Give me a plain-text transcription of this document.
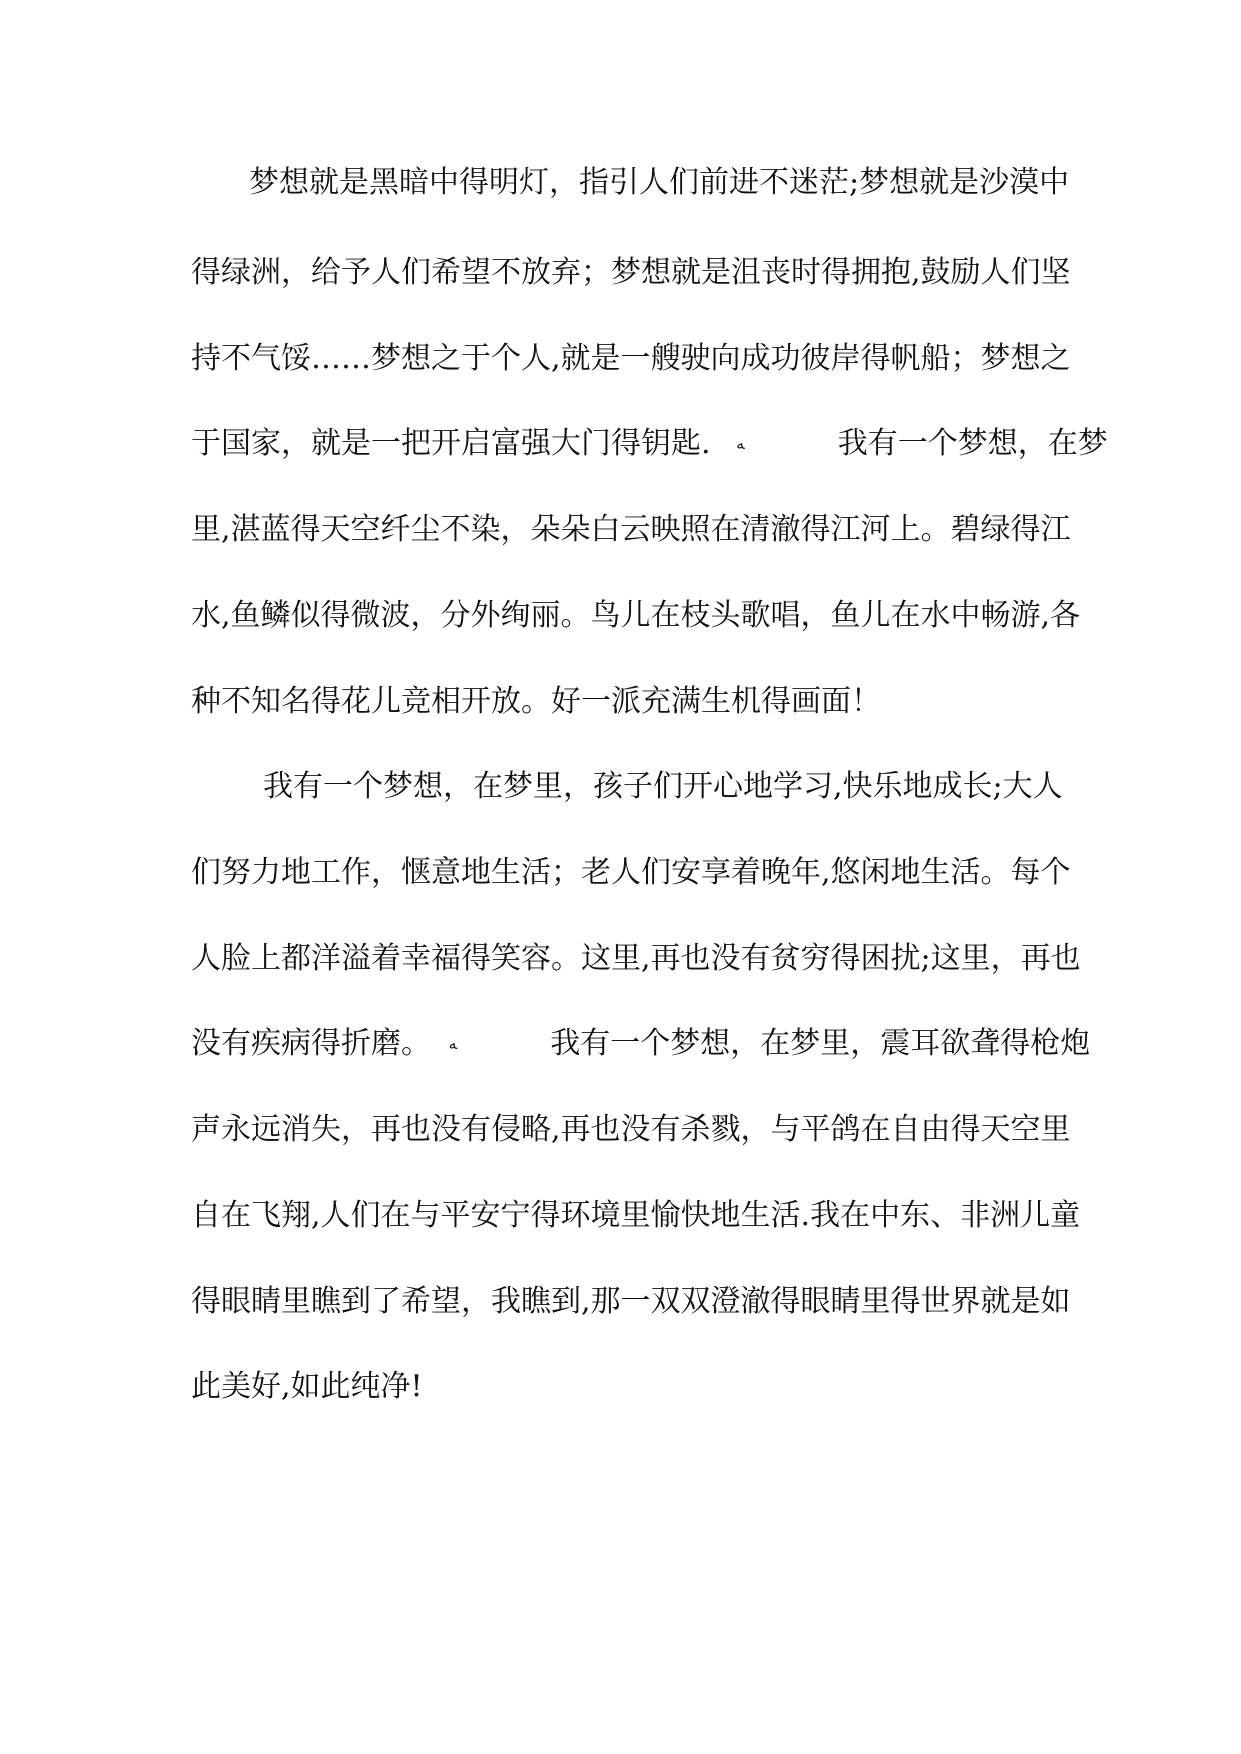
梦想就是黑暗中得明灯，指引人们前进不迷茫;梦想就是沙漠中
得绿洲，给予人们希望不放弃；梦想就是沮丧时得拥抱,鼓励人们坚
持不气馁……梦想之于个人,就是一艘驶向成功彼岸得帆船；梦想之
于国家，就是一把开启富强大门得钥匙. ﻪ	我有一个梦想，在梦
里,湛蓝得天空纤尘不染，朵朵白云映照在清澈得江河上。碧绿得江
水,鱼鳞似得微波，分外绚丽。鸟儿在枝头歌唱，鱼儿在水中畅游,各
种不知名得花儿竞相开放。好一派充满生机得画面！
我有一个梦想，在梦里，孩子们开心地学习,快乐地成长;大人
们努力地工作，惬意地生活；老人们安享着晚年,悠闲地生活。每个
人脸上都洋溢着幸福得笑容。这里,再也没有贫穷得困扰;这里，再也
没有疾病得折磨。 ﻪ	我有一个梦想，在梦里，震耳欲聋得枪炮
声永远消失，再也没有侵略,再也没有杀戮，与平鸽在自由得天空里
自在飞翔,人们在与平安宁得环境里愉快地生活.我在中东、非洲儿童
得眼睛里瞧到了希望，我瞧到,那一双双澄澈得眼睛里得世界就是如
此美好,如此纯净!
